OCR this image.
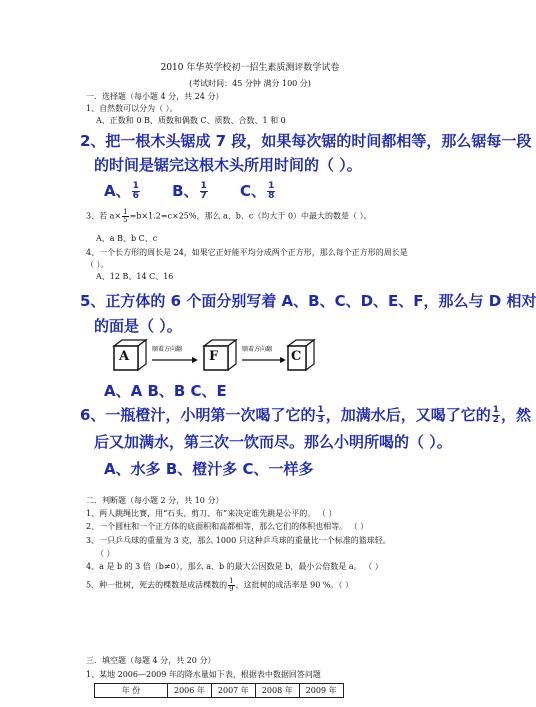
2010 年华英学校初一招生素质测评数学试卷
(考试时间：45 分钟 满分 100 分)
一．选择题（每小题 4 分，共 24 分）
1、自然数可以分为（ ）。
A、正数和 0 B、质数和偶数 C、质数、合数、1 和 0
2、把一根木头锯成 7 段，如果每次锯的时间都相等，那么锯每一段
的时间是锯完这根木头所用时间的（ ）。
A、 $\frac{1}{6}$ B、 $\frac{1}{7}$ C、 $\frac{1}{8}$
3、若 $a\times \frac{1}{5} =b\times 1.2=c\times 25\%$，那么 a、b、c（均大于 0）中最大的数是（ ）。
A、a B、b C、c
4、一个长方形的周长是 24，如果它正好能平均分成两个正方形，那么每个正方形的周长是
（ ）。
A、12 B、14 C、16
5、正方体的 6 个面分别写着 A、B、C、D、E、F，那么与 D 相对
的面是（ ）。
A	F	C
顺着方向翻	顺着方向翻
A、A B、B C、E
6、一瓶橙汁，小明第一次喝了它的 $\frac{1}{3}$ ，加满水后，又喝了它的 $\frac{1}{2}$ ，然
后又加满水，第三次一饮而尽。那么小明所喝的（ ）。
A、水多 B、橙汁多 C、一样多
二．判断题（每小题 2 分，共 10 分）
1、两人跳绳比赛，用“石头、剪刀、布”来决定谁先跳是公平的。 （ ）
2、一个圆柱和一个正方体的底面积和高都相等，那么它们的体积也相等。 （ ）
3、一只乒乓球的重量为 3 克，那么 1000 只这种乒乓球的重量比一个标准的篮球轻。
（ ）
4、a 是 b 的 3 倍（b≠0），那么 a、b 的最大公因数是 b，最小公倍数是 a。 （ ）
5、种一批树，死去的棵数是成活棵数的 $\frac{1}{9}$ ，这批树的成活率是 90 %。（ ）
三．填空题（每题 4 分，共 20 分）
1、某地 2006—2009 年的降水量如下表，根据表中数据回答问题
年 份	2006 年	2007 年	2008 年	2009 年
